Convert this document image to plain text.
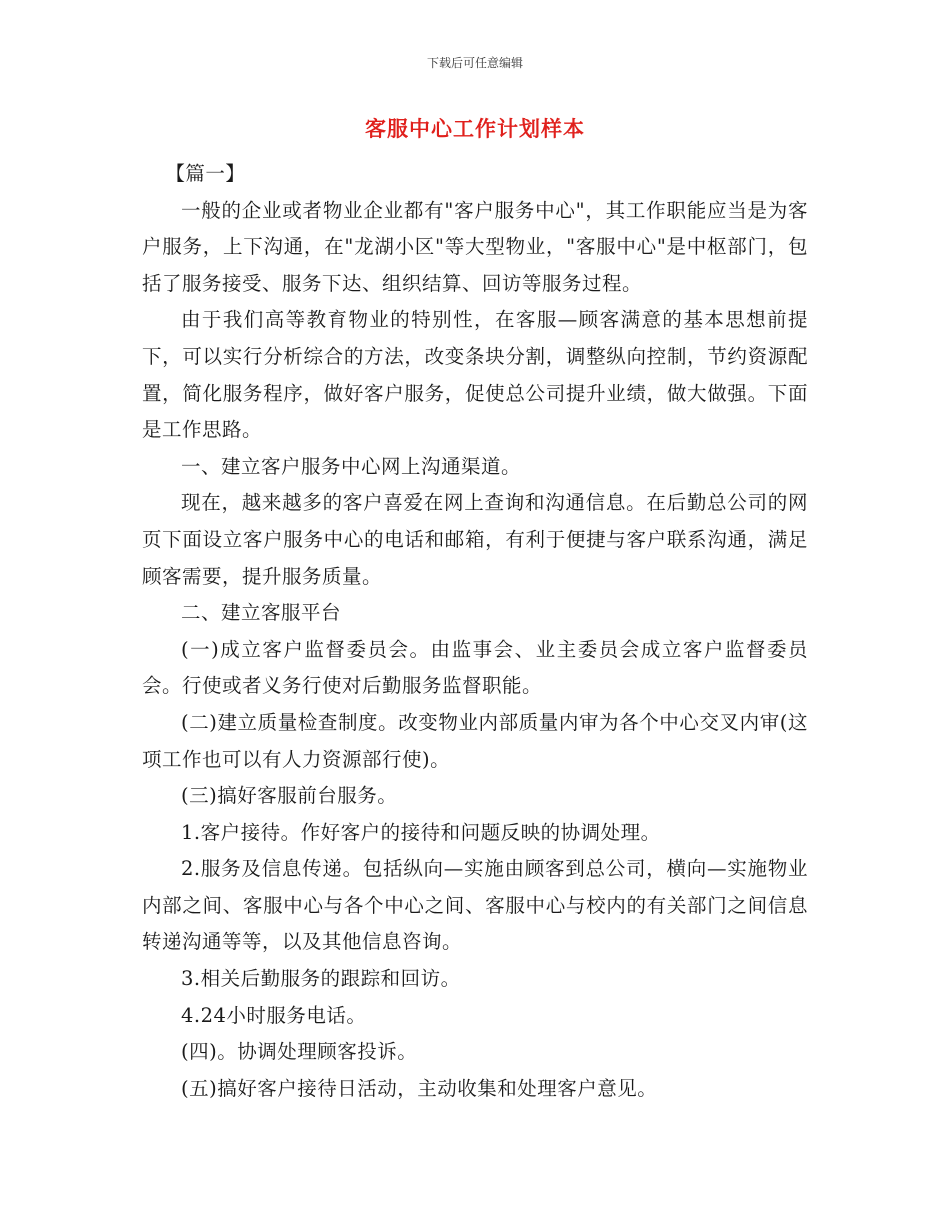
下载后可任意编辑
客服中心工作计划样本

【篇一】

一般的企业或者物业企业都有"客户服务中心"，其工作职能应当是为客户服务，上下沟通，在"龙湖小区"等大型物业，"客服中心"是中枢部门，包括了服务接受、服务下达、组织结算、回访等服务过程。

由于我们高等教育物业的特别性，在客服—顾客满意的基本思想前提下，可以实行分析综合的方法，改变条块分割，调整纵向控制，节约资源配置，简化服务程序，做好客户服务，促使总公司提升业绩，做大做强。下面是工作思路。

一、建立客户服务中心网上沟通渠道。

现在，越来越多的客户喜爱在网上查询和沟通信息。在后勤总公司的网页下面设立客户服务中心的电话和邮箱，有利于便捷与客户联系沟通，满足顾客需要，提升服务质量。

二、建立客服平台

(一)成立客户监督委员会。由监事会、业主委员会成立客户监督委员会。行使或者义务行使对后勤服务监督职能。

(二)建立质量检查制度。改变物业内部质量内审为各个中心交叉内审(这项工作也可以有人力资源部行使)。

(三)搞好客服前台服务。

1.客户接待。作好客户的接待和问题反映的协调处理。

2.服务及信息传递。包括纵向—实施由顾客到总公司，横向—实施物业内部之间、客服中心与各个中心之间、客服中心与校内的有关部门之间信息转递沟通等等，以及其他信息咨询。

3.相关后勤服务的跟踪和回访。

4.24小时服务电话。

(四)。协调处理顾客投诉。

(五)搞好客户接待日活动，主动收集和处理客户意见。
